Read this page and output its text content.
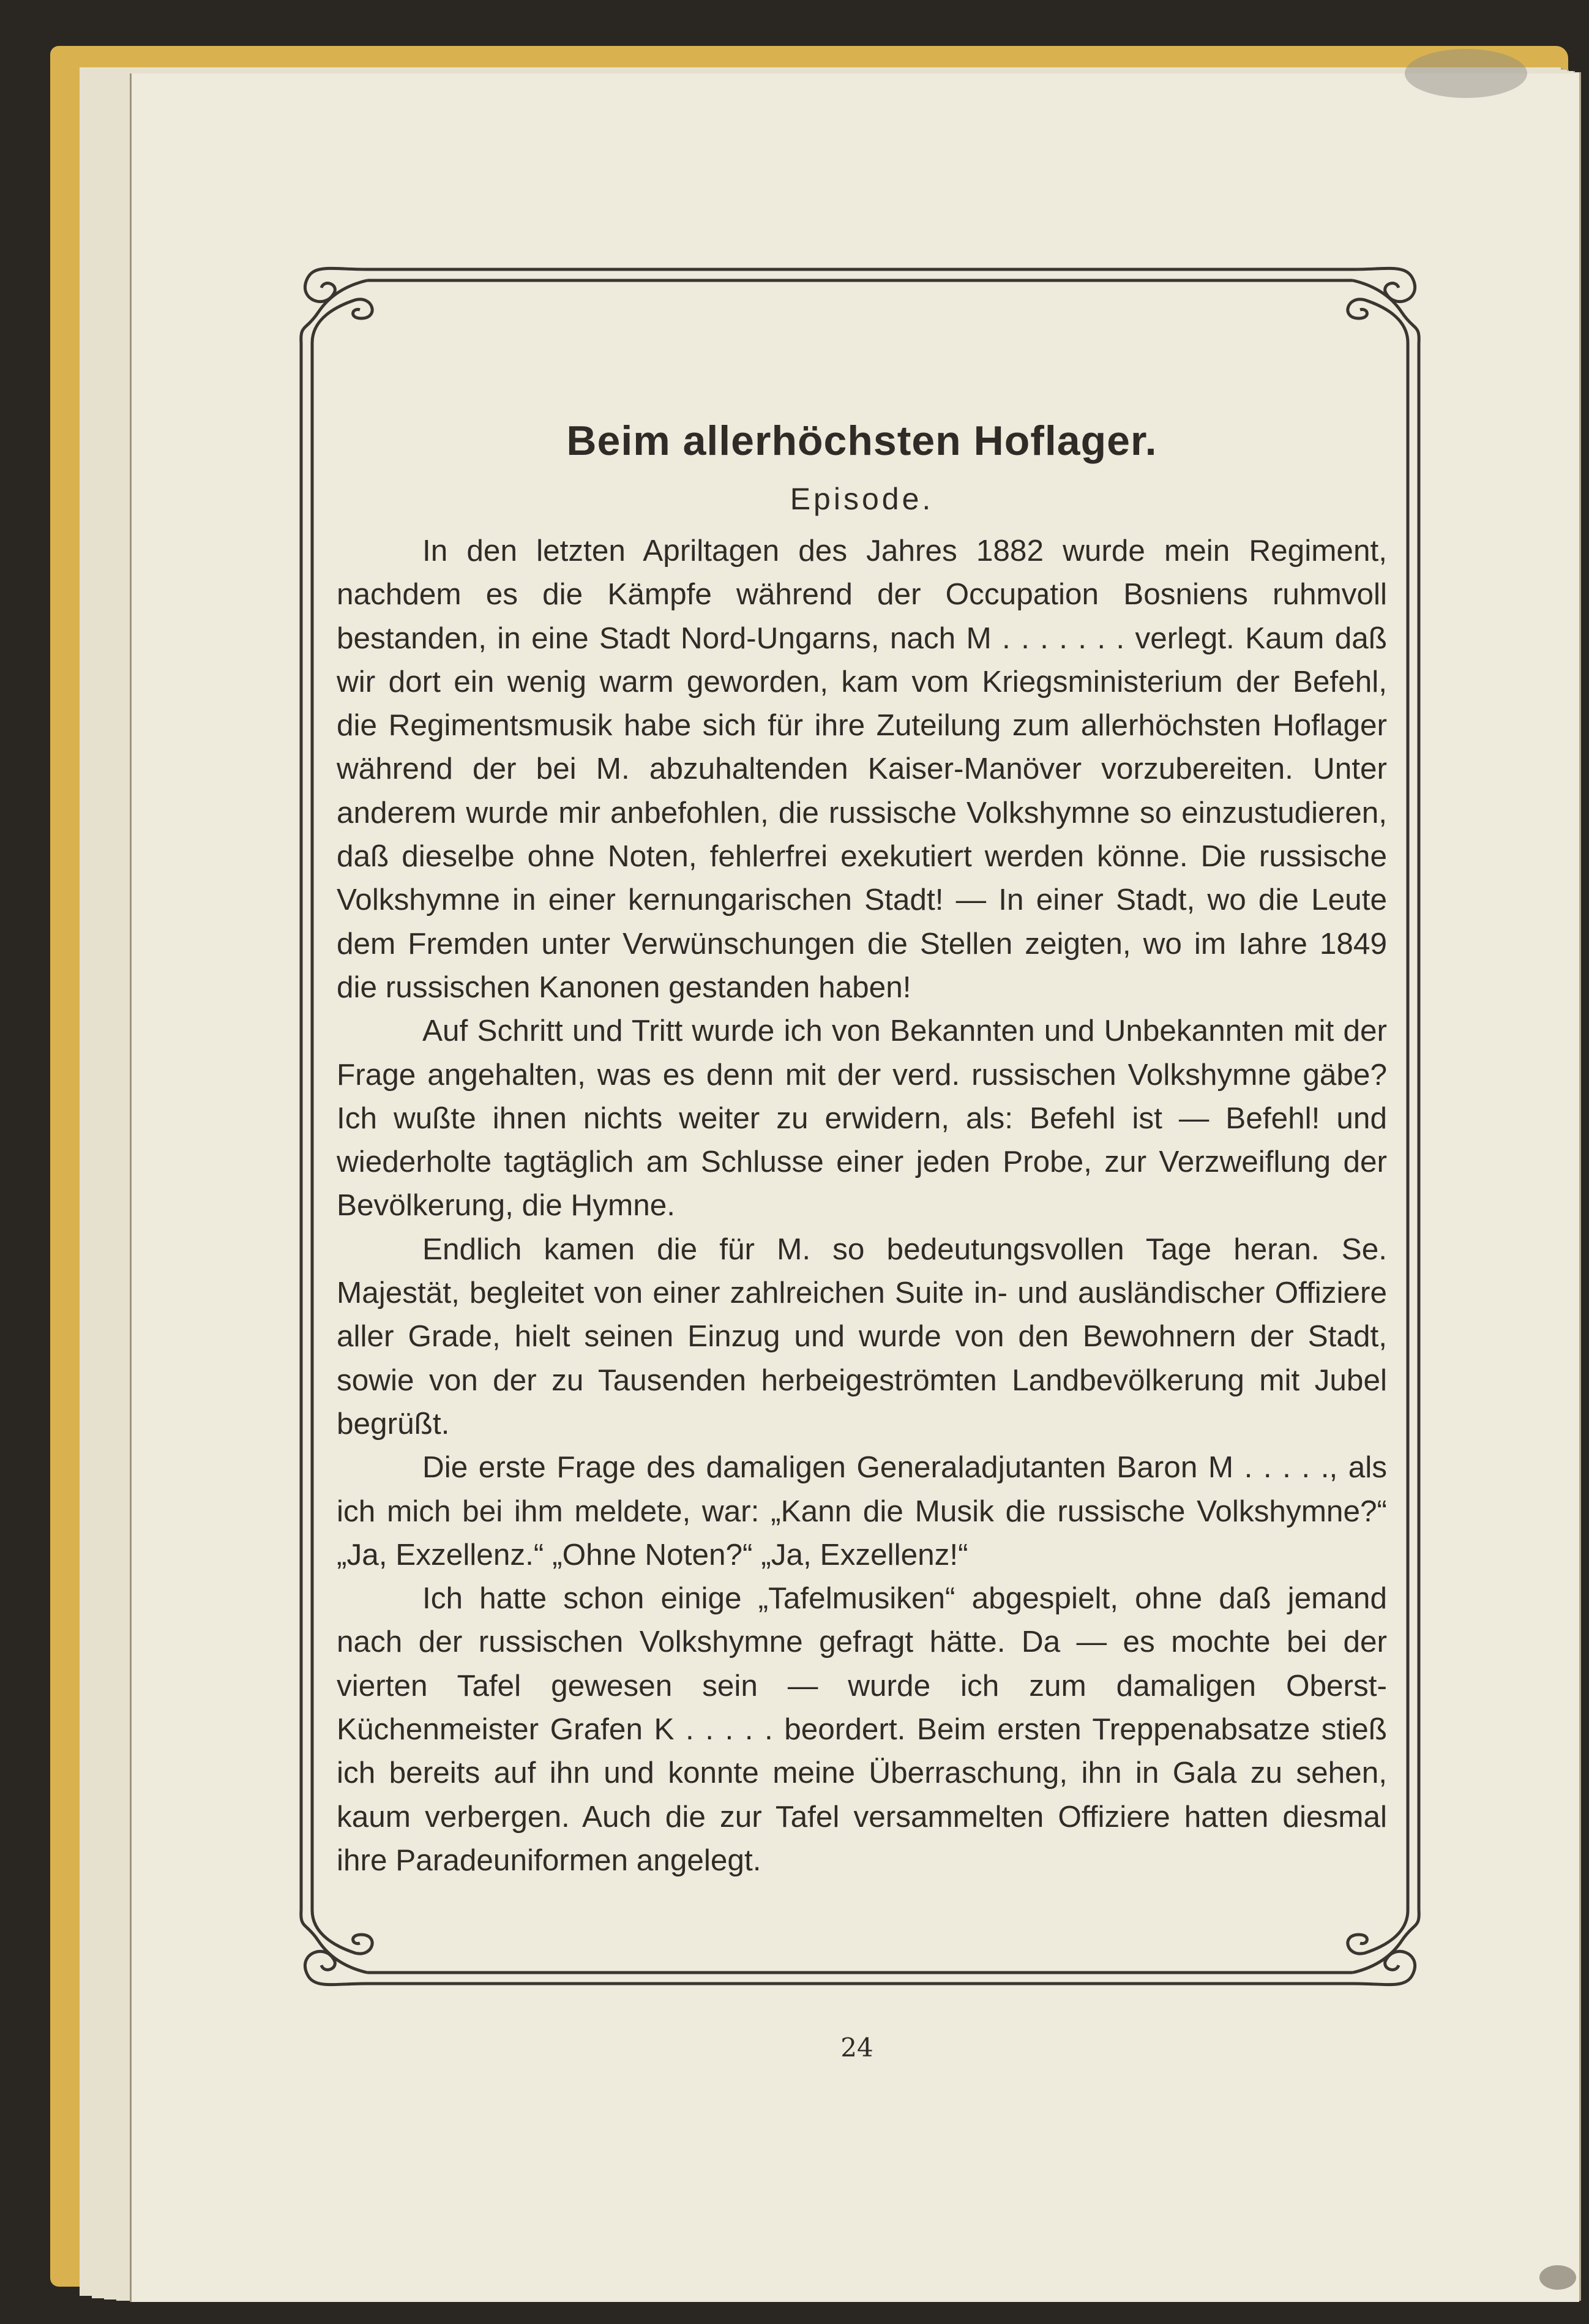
Beim allerhöchsten Hoflager.
Episode.

In den letzten Apriltagen des Jahres 1882 wurde mein Regiment, nachdem es die Kämpfe während der Occupation Bosniens ruhmvoll bestanden, in eine Stadt Nord-Ungarns, nach M . . . . . . . verlegt. Kaum daß wir dort ein wenig warm geworden, kam vom Kriegsministerium der Befehl, die Regimentsmusik habe sich für ihre Zuteilung zum allerhöchsten Hoflager während der bei M. abzuhaltenden Kaiser-Manöver vorzubereiten. Unter anderem wurde mir anbefohlen, die russische Volkshymne so einzustudieren, daß dieselbe ohne Noten, fehlerfrei exekutiert werden könne. Die russische Volkshymne in einer kernungarischen Stadt! — In einer Stadt, wo die Leute dem Fremden unter Verwünschungen die Stellen zeigten, wo im Iahre 1849 die russischen Kanonen gestanden haben!

Auf Schritt und Tritt wurde ich von Bekannten und Unbekannten mit der Frage angehalten, was es denn mit der verd. russischen Volkshymne gäbe? Ich wußte ihnen nichts weiter zu erwidern, als: Befehl ist — Befehl! und wiederholte tagtäglich am Schlusse einer jeden Probe, zur Verzweiflung der Bevölkerung, die Hymne.

Endlich kamen die für M. so bedeutungsvollen Tage heran. Se. Majestät, begleitet von einer zahlreichen Suite in- und ausländischer Offiziere aller Grade, hielt seinen Einzug und wurde von den Bewohnern der Stadt, sowie von der zu Tausenden herbeigeströmten Landbevölkerung mit Jubel begrüßt.

Die erste Frage des damaligen Generaladjutanten Baron M . . . . ., als ich mich bei ihm meldete, war: „Kann die Musik die russische Volkshymne?“ „Ja, Exzellenz.“ „Ohne Noten?“ „Ja, Exzellenz!“

Ich hatte schon einige „Tafelmusiken“ abgespielt, ohne daß jemand nach der russischen Volkshymne gefragt hätte. Da — es mochte bei der vierten Tafel gewesen sein — wurde ich zum damaligen Oberst-Küchenmeister Grafen K . . . . . beordert. Beim ersten Treppenabsatze stieß ich bereits auf ihn und konnte meine Überraschung, ihn in Gala zu sehen, kaum verbergen. Auch die zur Tafel versammelten Offiziere hatten diesmal ihre Paradeuniformen angelegt.

24
